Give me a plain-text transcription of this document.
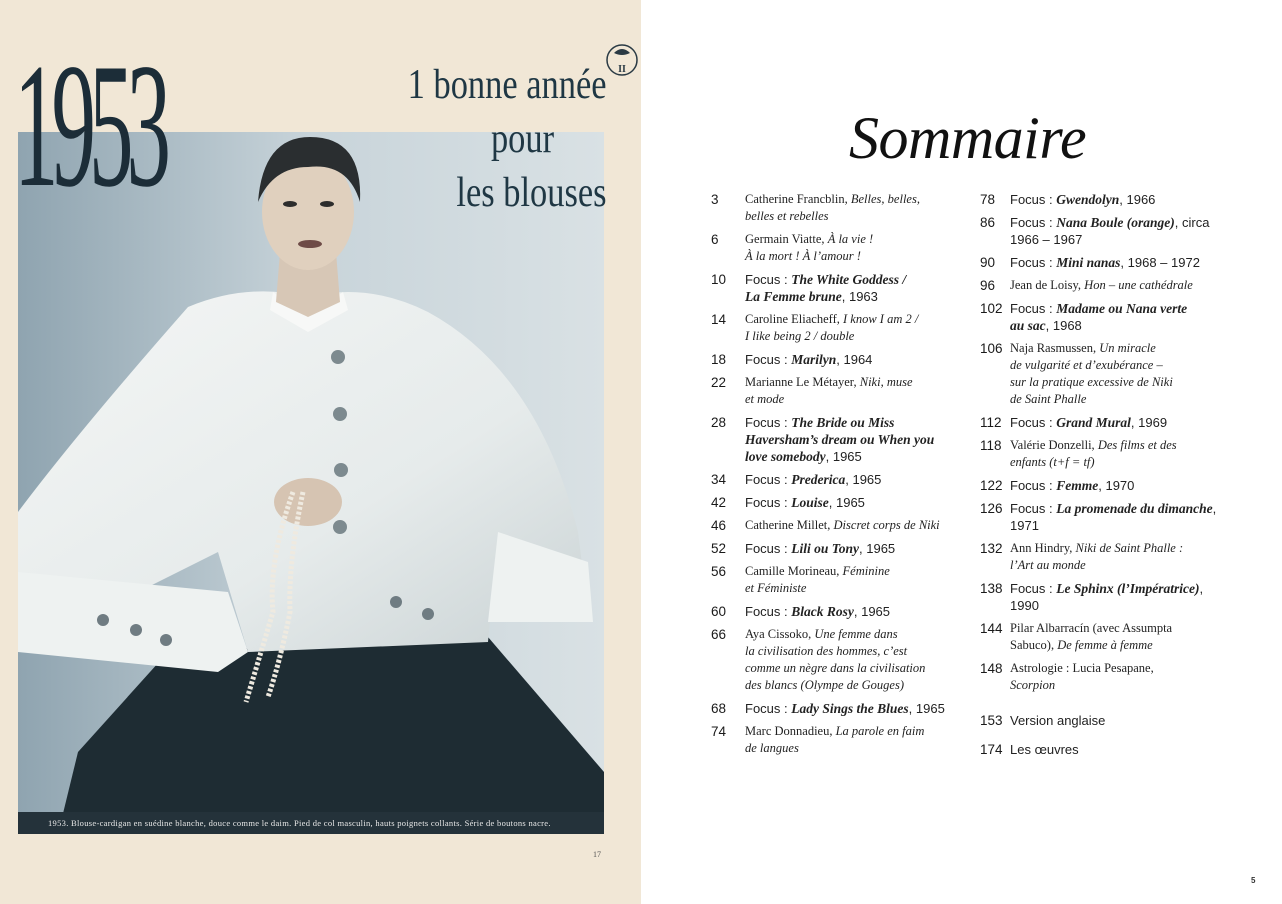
1953. Blouse-cardigan en suédine blanche, douce comme le daim. Pied de col masculin, hauts poignets collants. Série de boutons nacre.
1953	1 bonne année
pour
les blouses
II
17
Sommaire
3	Catherine Francblin, Belles, belles,
belles et rebelles
6	Germain Viatte, À la vie !
À la mort ! À l’amour !
10	Focus : The White Goddess /
La Femme brune, 1963
14	Caroline Eliacheff, I know I am 2 /
I like being 2 / double
18	Focus : Marilyn, 1964
22	Marianne Le Métayer, Niki, muse
et mode
28	Focus : The Bride ou Miss
Haversham’s dream ou When you
love somebody, 1965
34	Focus : Prederica, 1965
42	Focus : Louise, 1965
46	Catherine Millet, Discret corps de Niki
52	Focus : Lili ou Tony, 1965
56	Camille Morineau, Féminine
et Féministe
60	Focus : Black Rosy, 1965
66	Aya Cissoko, Une femme dans
la civilisation des hommes, c’est
comme un nègre dans la civilisation
des blancs (Olympe de Gouges)
68	Focus : Lady Sings the Blues, 1965
74	Marc Donnadieu, La parole en faim
de langues
78	Focus : Gwendolyn, 1966
86	Focus : Nana Boule (orange), circa
1966 – 1967
90	Focus : Mini nanas, 1968 – 1972
96	Jean de Loisy, Hon – une cathédrale
102 Focus : Madame ou Nana verte
au sac, 1968
106 Naja Rasmussen, Un miracle
de vulgarité et d’exubérance –
sur la pratique excessive de Niki
de Saint Phalle
112 Focus : Grand Mural, 1969
118 Valérie Donzelli, Des films et des
enfants (t+f = tf)
122 Focus : Femme, 1970
126 Focus : La promenade du dimanche,
1971
132 Ann Hindry, Niki de Saint Phalle :
l’Art au monde
138 Focus : Le Sphinx (l’Impératrice),
1990
144 Pilar Albarracín (avec Assumpta
Sabuco), De femme à femme
148 Astrologie : Lucia Pesapane,
Scorpion
153 Version anglaise
174 Les œuvres
5
